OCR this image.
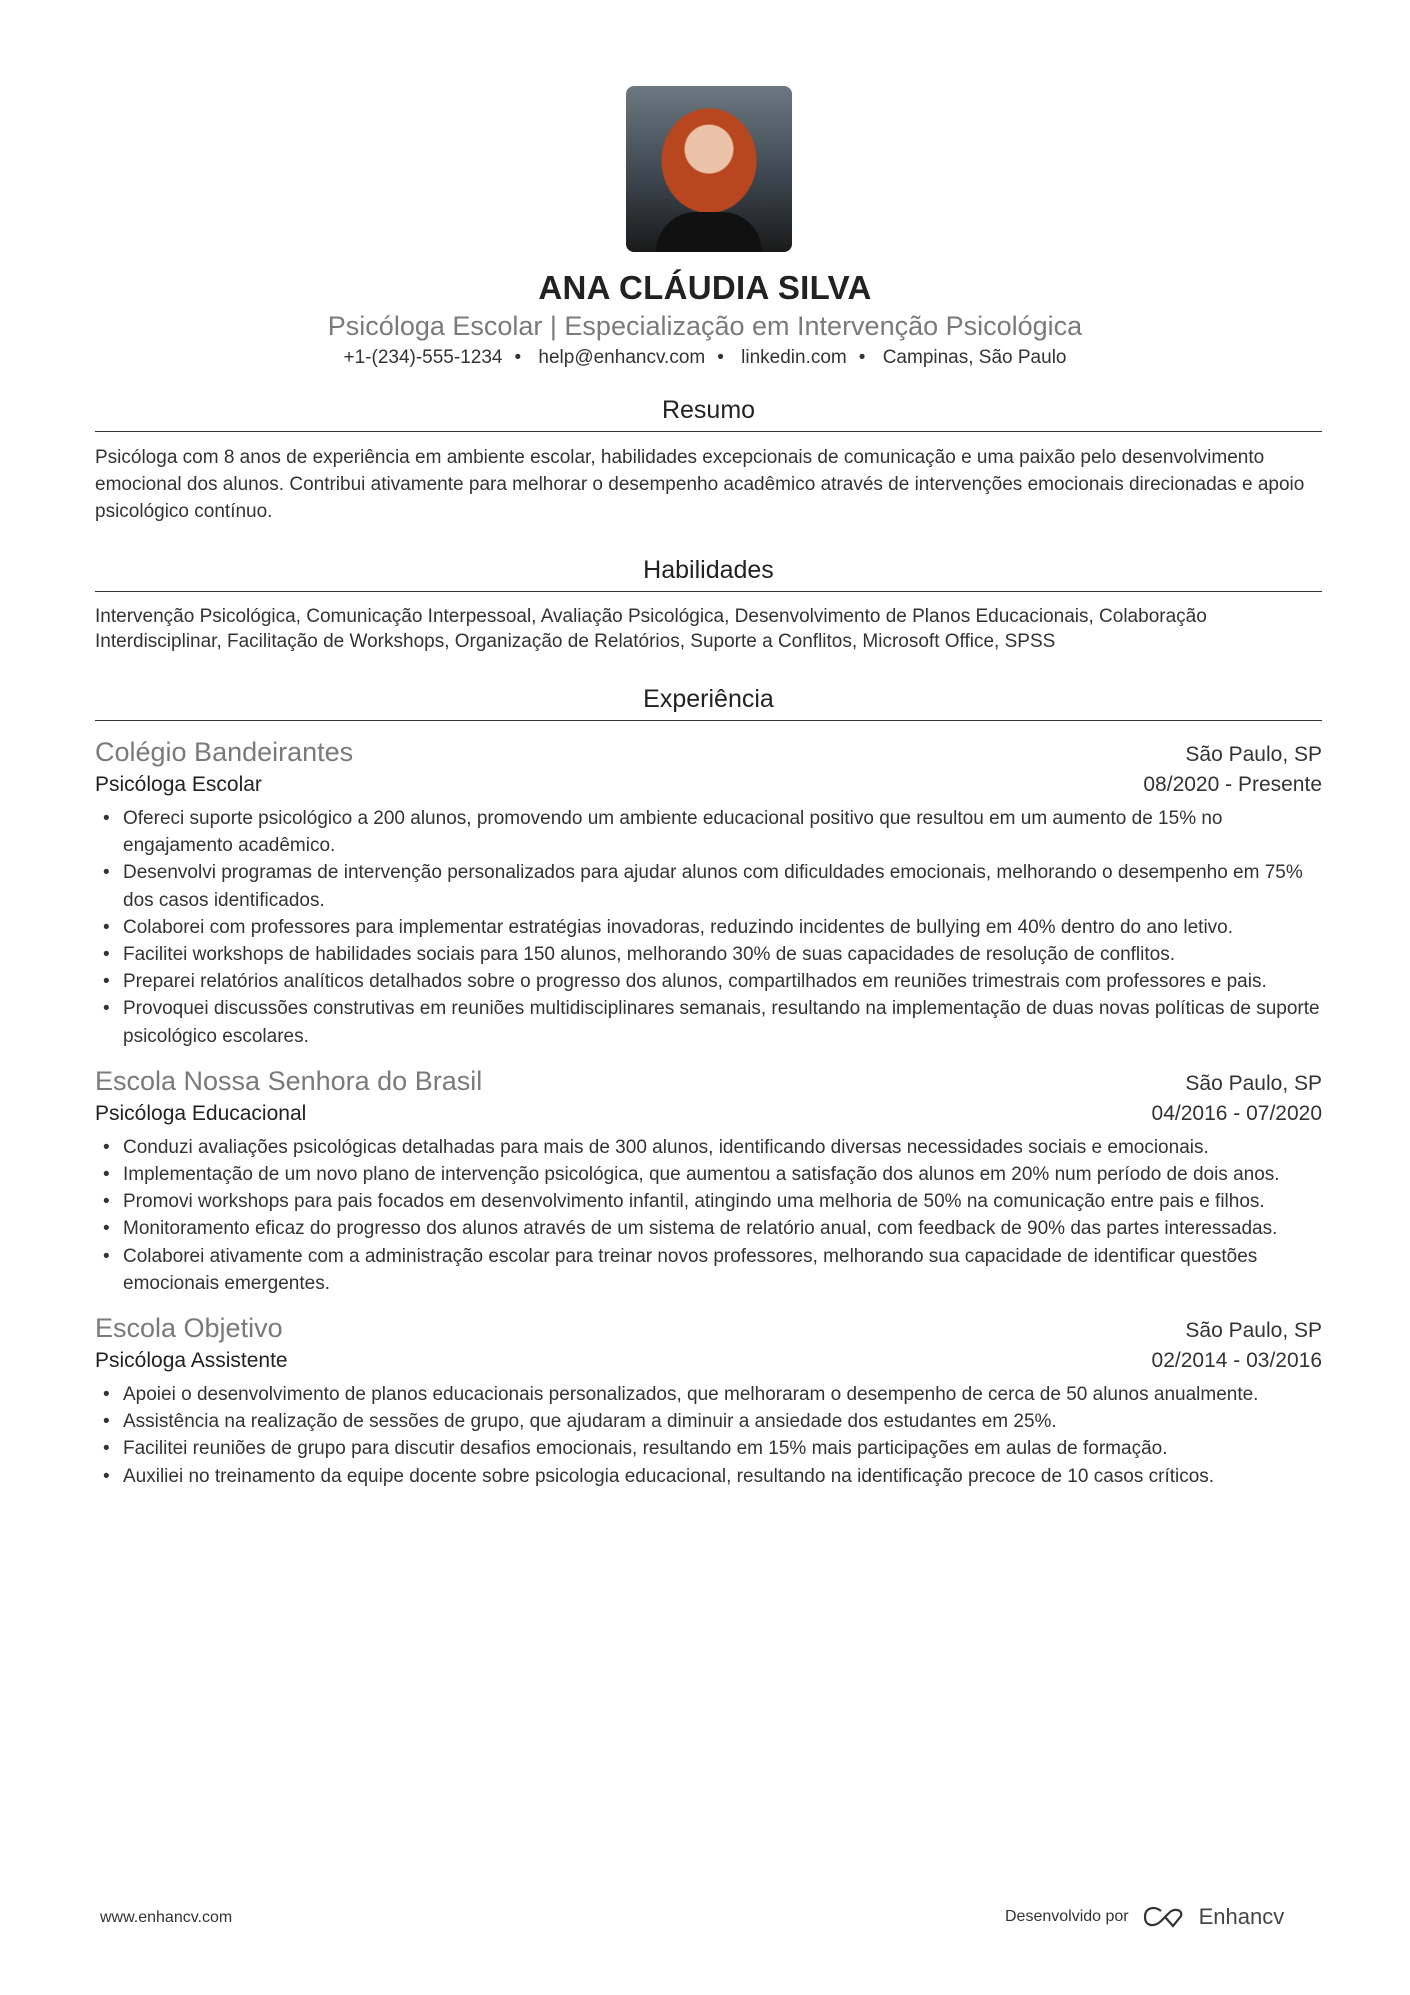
ANA CLÁUDIA SILVA
Psicóloga Escolar | Especialização em Intervenção Psicológica
+1-(234)-555-1234 • help@enhancv.com • linkedin.com • Campinas, São Paulo
Resumo
Psicóloga com 8 anos de experiência em ambiente escolar, habilidades excepcionais de comunicação e uma paixão pelo desenvolvimento emocional dos alunos. Contribui ativamente para melhorar o desempenho acadêmico através de intervenções emocionais direcionadas e apoio psicológico contínuo.
Habilidades
Intervenção Psicológica, Comunicação Interpessoal, Avaliação Psicológica, Desenvolvimento de Planos Educacionais, Colaboração Interdisciplinar, Facilitação de Workshops, Organização de Relatórios, Suporte a Conflitos, Microsoft Office, SPSS
Experiência
Colégio Bandeirantes	São Paulo, SP
Psicóloga Escolar	08/2020 - Presente
• Ofereci suporte psicológico a 200 alunos, promovendo um ambiente educacional positivo que resultou em um aumento de 15% no engajamento acadêmico.
• Desenvolvi programas de intervenção personalizados para ajudar alunos com dificuldades emocionais, melhorando o desempenho em 75% dos casos identificados.
• Colaborei com professores para implementar estratégias inovadoras, reduzindo incidentes de bullying em 40% dentro do ano letivo.
• Facilitei workshops de habilidades sociais para 150 alunos, melhorando 30% de suas capacidades de resolução de conflitos.
• Preparei relatórios analíticos detalhados sobre o progresso dos alunos, compartilhados em reuniões trimestrais com professores e pais.
• Provoquei discussões construtivas em reuniões multidisciplinares semanais, resultando na implementação de duas novas políticas de suporte psicológico escolares.
Escola Nossa Senhora do Brasil	São Paulo, SP
Psicóloga Educacional	04/2016 - 07/2020
• Conduzi avaliações psicológicas detalhadas para mais de 300 alunos, identificando diversas necessidades sociais e emocionais.
• Implementação de um novo plano de intervenção psicológica, que aumentou a satisfação dos alunos em 20% num período de dois anos.
• Promovi workshops para pais focados em desenvolvimento infantil, atingindo uma melhoria de 50% na comunicação entre pais e filhos.
• Monitoramento eficaz do progresso dos alunos através de um sistema de relatório anual, com feedback de 90% das partes interessadas.
• Colaborei ativamente com a administração escolar para treinar novos professores, melhorando sua capacidade de identificar questões emocionais emergentes.
Escola Objetivo	São Paulo, SP
Psicóloga Assistente	02/2014 - 03/2016
• Apoiei o desenvolvimento de planos educacionais personalizados, que melhoraram o desempenho de cerca de 50 alunos anualmente.
• Assistência na realização de sessões de grupo, que ajudaram a diminuir a ansiedade dos estudantes em 25%.
• Facilitei reuniões de grupo para discutir desafios emocionais, resultando em 15% mais participações em aulas de formação.
• Auxiliei no treinamento da equipe docente sobre psicologia educacional, resultando na identificação precoce de 10 casos críticos.
www.enhancv.com	Desenvolvido por	Enhancv
